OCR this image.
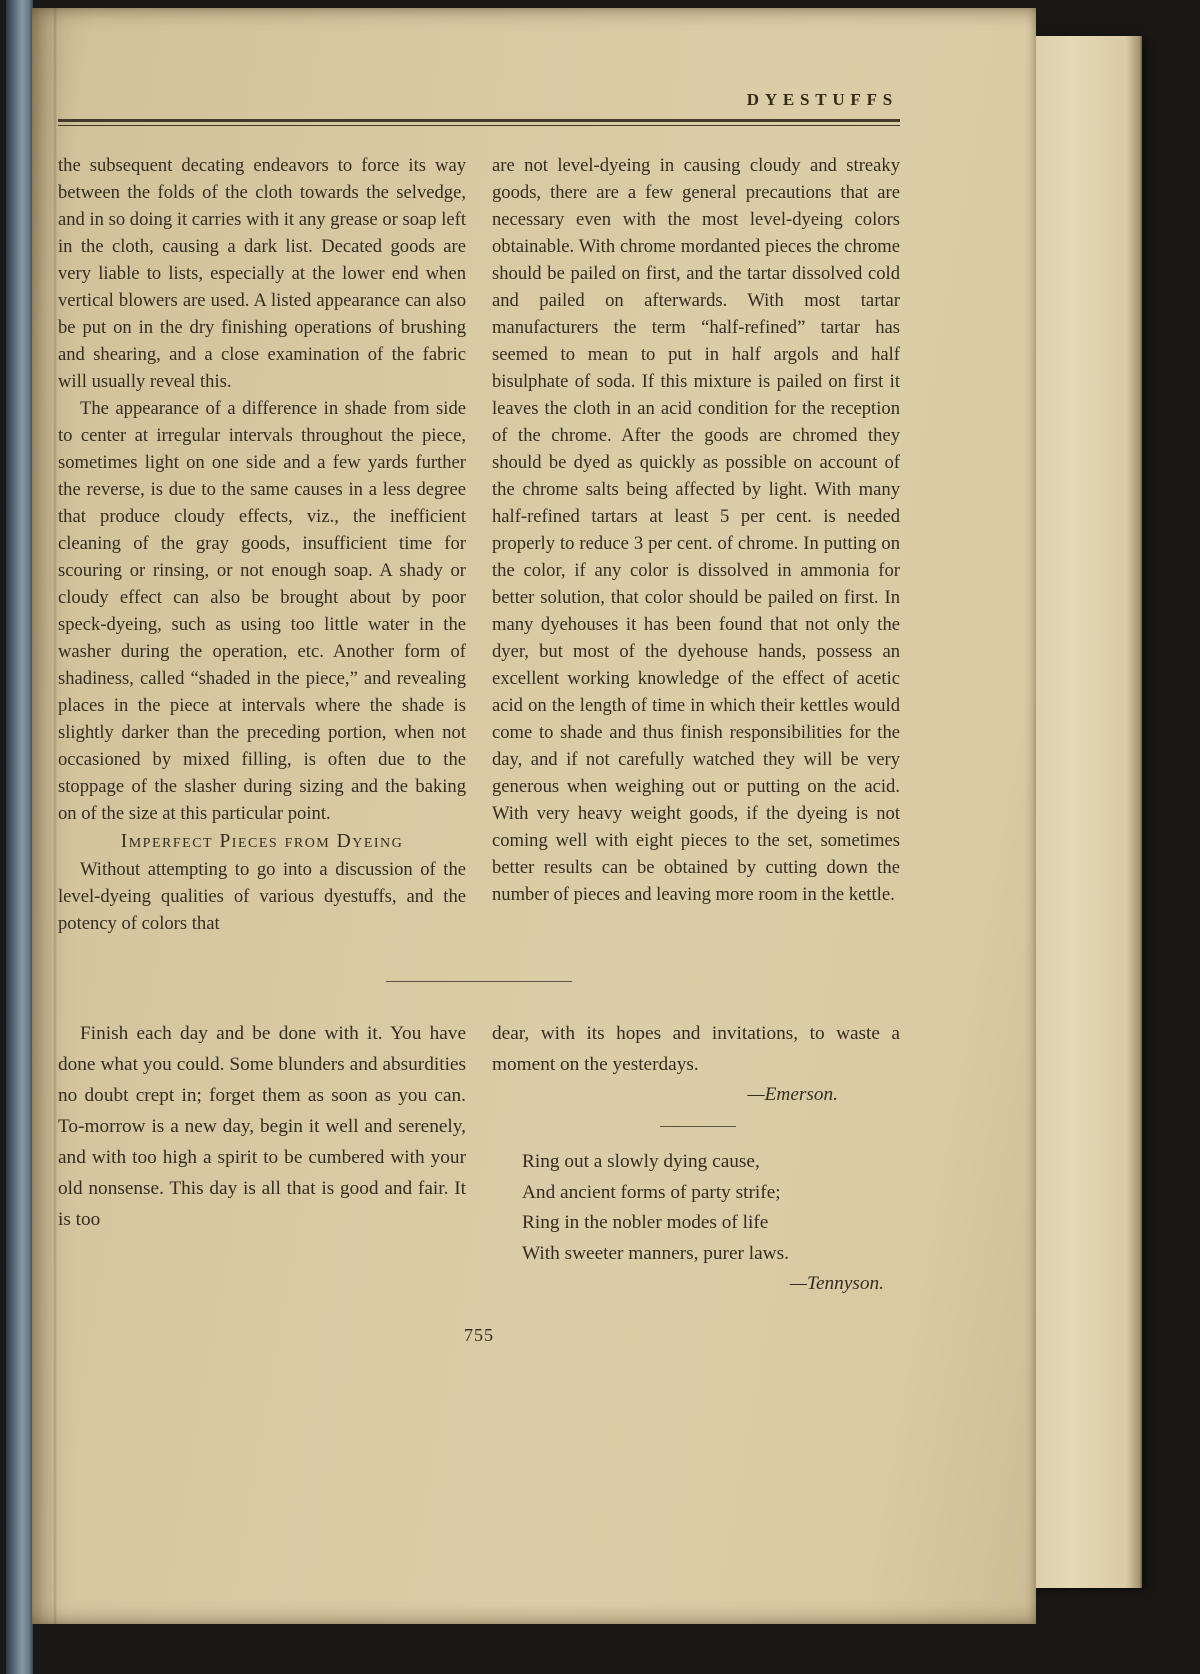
DYESTUFFS

the subsequent decating endeavors to force its way between the folds of the cloth towards the selvedge, and in so doing it carries with it any grease or soap left in the cloth, causing a dark list. Decated goods are very liable to lists, especially at the lower end when vertical blowers are used. A listed appearance can also be put on in the dry finishing operations of brushing and shearing, and a close examination of the fabric will usually reveal this.

The appearance of a difference in shade from side to center at irregular intervals throughout the piece, sometimes light on one side and a few yards further the reverse, is due to the same causes in a less degree that produce cloudy effects, viz., the inefficient cleaning of the gray goods, insufficient time for scouring or rinsing, or not enough soap. A shady or cloudy effect can also be brought about by poor speck-dyeing, such as using too little water in the washer during the operation, etc. Another form of shadiness, called “shaded in the piece,” and revealing places in the piece at intervals where the shade is slightly darker than the preceding portion, when not occasioned by mixed filling, is often due to the stoppage of the slasher during sizing and the baking on of the size at this particular point.

Imperfect Pieces from Dyeing

Without attempting to go into a discussion of the level-dyeing qualities of various dyestuffs, and the potency of colors that

are not level-dyeing in causing cloudy and streaky goods, there are a few general precautions that are necessary even with the most level-dyeing colors obtainable. With chrome mordanted pieces the chrome should be pailed on first, and the tartar dissolved cold and pailed on afterwards. With most tartar manufacturers the term “half-refined” tartar has seemed to mean to put in half argols and half bisulphate of soda. If this mixture is pailed on first it leaves the cloth in an acid condition for the reception of the chrome. After the goods are chromed they should be dyed as quickly as possible on account of the chrome salts being affected by light. With many half-refined tartars at least 5 per cent. is needed properly to reduce 3 per cent. of chrome. In putting on the color, if any color is dissolved in ammonia for better solution, that color should be pailed on first. In many dyehouses it has been found that not only the dyer, but most of the dyehouse hands, possess an excellent working knowledge of the effect of acetic acid on the length of time in which their kettles would come to shade and thus finish responsibilities for the day, and if not carefully watched they will be very generous when weighing out or putting on the acid. With very heavy weight goods, if the dyeing is not coming well with eight pieces to the set, sometimes better results can be obtained by cutting down the number of pieces and leaving more room in the kettle.

Finish each day and be done with it. You have done what you could. Some blunders and absurdities no doubt crept in; forget them as soon as you can. To-morrow is a new day, begin it well and serenely, and with too high a spirit to be cumbered with your old nonsense. This day is all that is good and fair. It is too

dear, with its hopes and invitations, to waste a moment on the yesterdays.

—Emerson.
Ring out a slowly dying cause,
And ancient forms of party strife;
Ring in the nobler modes of life
With sweeter manners, purer laws.
—Tennyson.
755
